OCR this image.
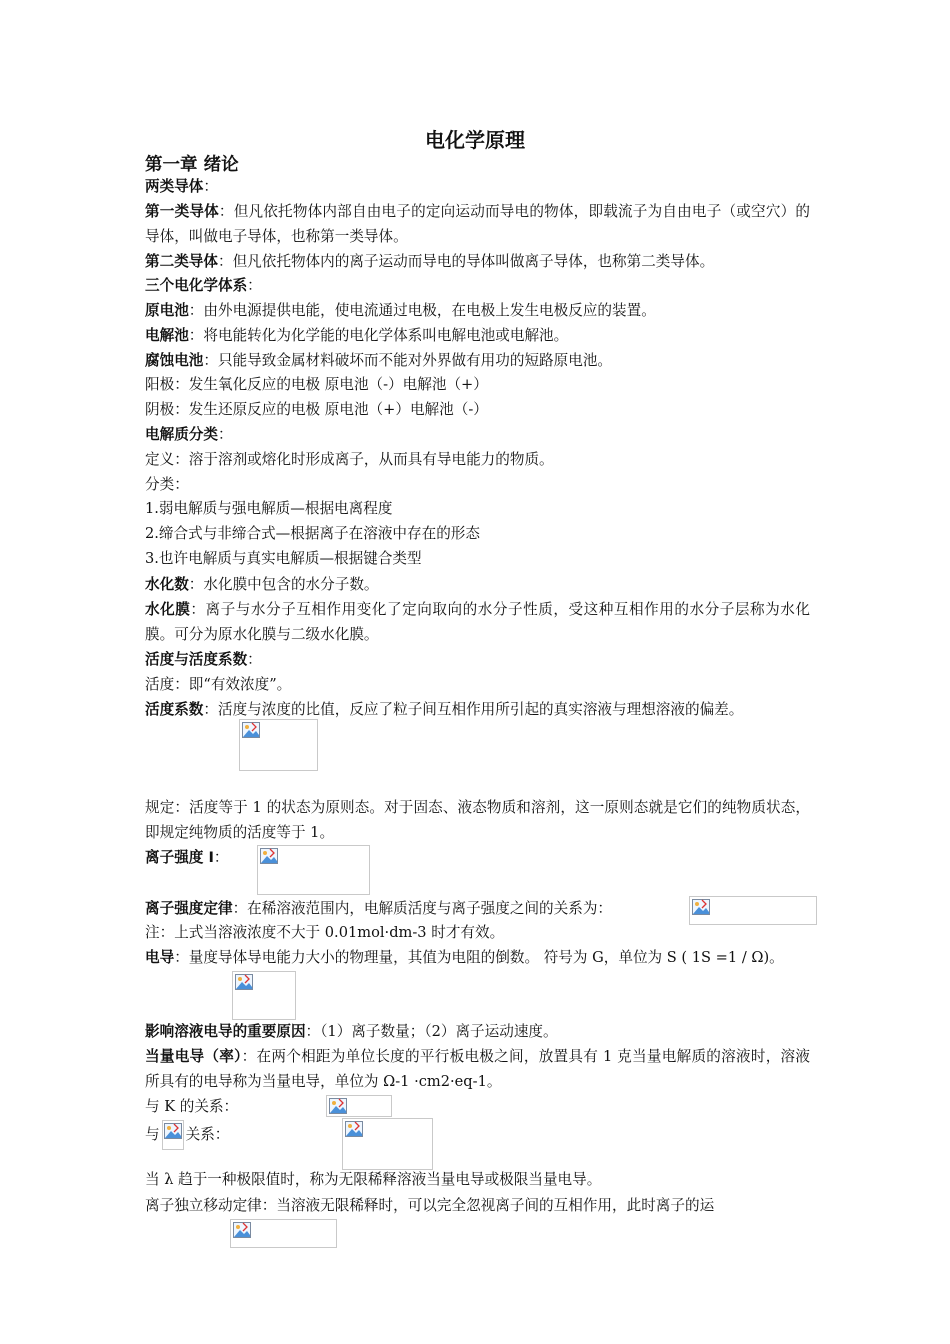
电化学原理
第一章 绪论
两类导体：
第一类导体：但凡依托物体内部自由电子的定向运动而导电的物体，即载流子为自由电子（或空穴）的导体，叫做电子导体，也称第一类导体。
第二类导体：但凡依托物体内的离子运动而导电的导体叫做离子导体，也称第二类导体。
三个电化学体系：
原电池：由外电源提供电能，使电流通过电极，在电极上发生电极反应的装置。
电解池：将电能转化为化学能的电化学体系叫电解电池或电解池。
腐蚀电池：只能导致金属材料破坏而不能对外界做有用功的短路原电池。
阳极：发生氧化反应的电极 原电池（-）电解池（+）
阴极：发生还原反应的电极 原电池（+）电解池（-）
电解质分类：
定义：溶于溶剂或熔化时形成离子，从而具有导电能力的物质。
分类：
1.弱电解质与强电解质—根据电离程度
2.缔合式与非缔合式—根据离子在溶液中存在的形态
3.也许电解质与真实电解质—根据键合类型
水化数：水化膜中包含的水分子数。
水化膜：离子与水分子互相作用变化了定向取向的水分子性质，受这种互相作用的水分子层称为水化膜。可分为原水化膜与二级水化膜。
活度与活度系数：
活度：即“有效浓度”。
活度系数：活度与浓度的比值，反应了粒子间互相作用所引起的真实溶液与理想溶液的偏差。
规定：活度等于 1 的状态为原则态。对于固态、液态物质和溶剂，这一原则态就是它们的纯物质状态，即规定纯物质的活度等于 1。
离子强度 I：
离子强度定律：在稀溶液范围内，电解质活度与离子强度之间的关系为：
注：上式当溶液浓度不大于 0.01mol·dm-3 时才有效。
电导：量度导体导电能力大小的物理量，其值为电阻的倒数。 符号为 G，单位为 S ( 1S =1 / Ω)。
影响溶液电导的重要原因：（1）离子数量；（2）离子运动速度。
当量电导（率）：在两个相距为单位长度的平行板电极之间，放置具有 1 克当量电解质的溶液时，溶液所具有的电导称为当量电导，单位为 Ω-1 ·cm2·eq-1。
与 K 的关系：
与 关系：
当 λ 趋于一种极限值时，称为无限稀释溶液当量电导或极限当量电导。
离子独立移动定律：当溶液无限稀释时，可以完全忽视离子间的互相作用，此时离子的运
